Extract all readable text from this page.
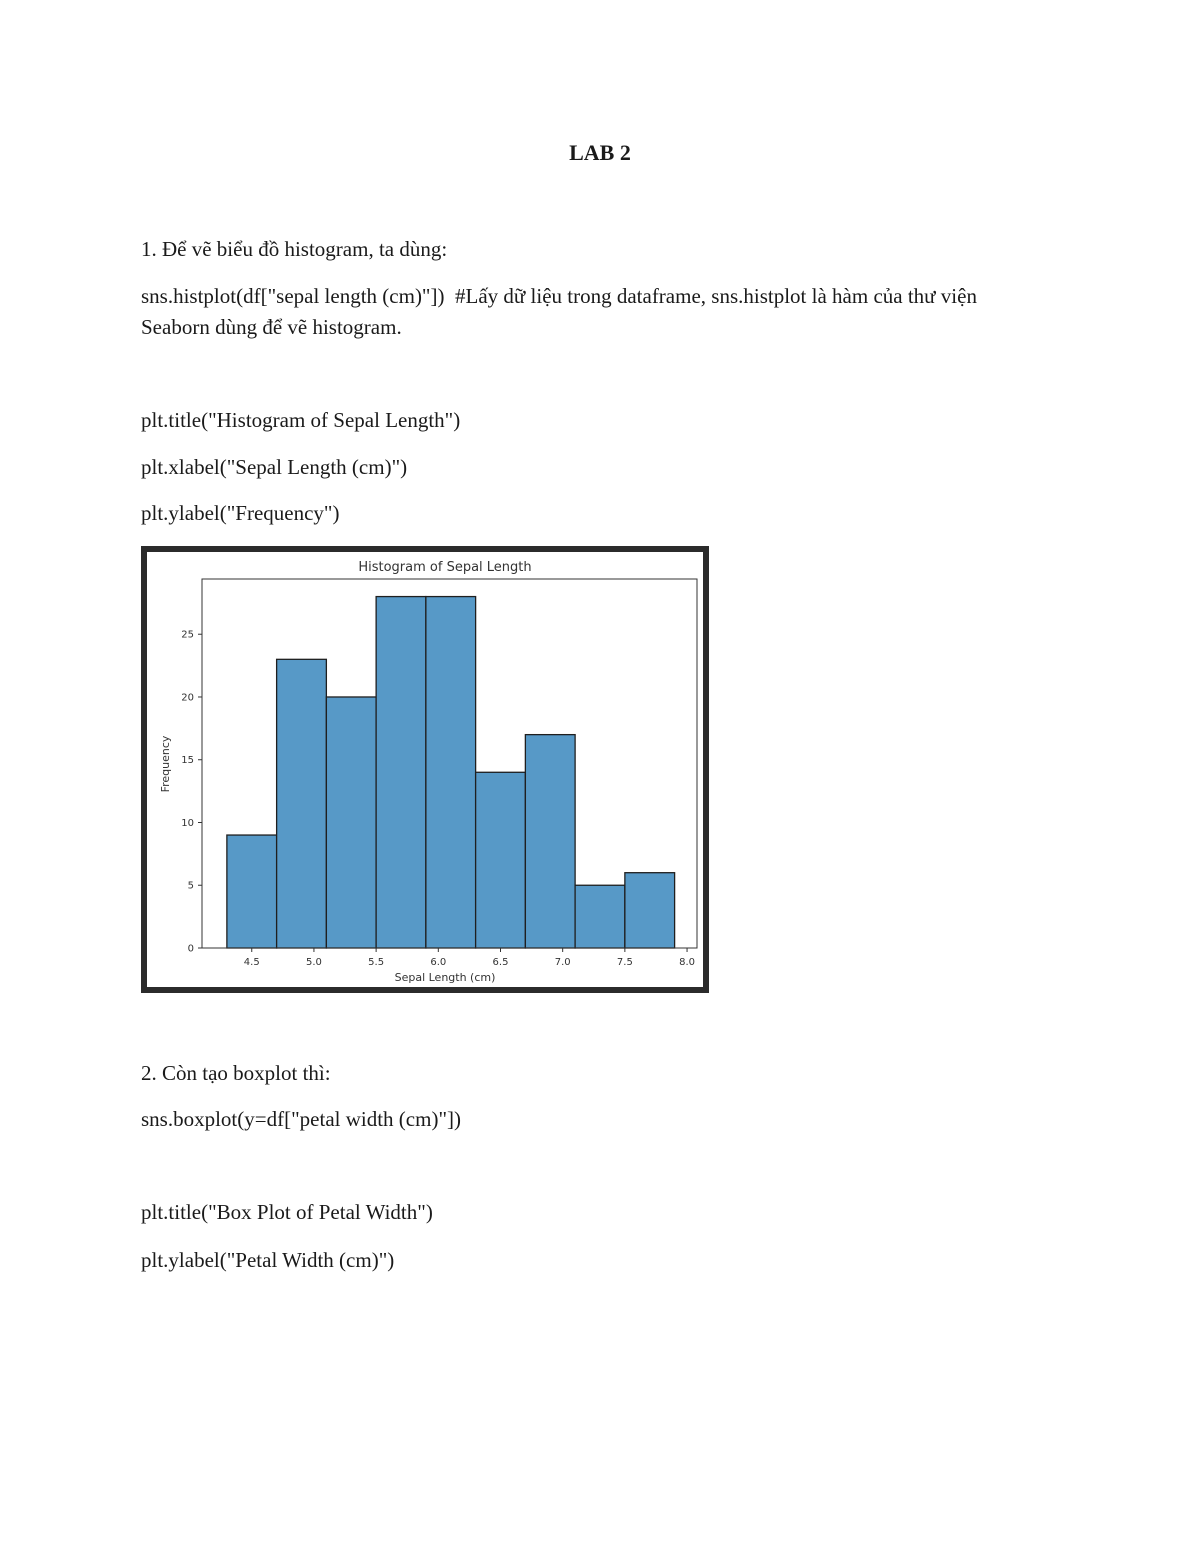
LAB 2
1. Để vẽ biểu đồ histogram, ta dùng:
sns.histplot(df["sepal length (cm)"])  #Lấy dữ liệu trong dataframe, sns.histplot là hàm của thư viện Seaborn dùng để vẽ histogram.
plt.title("Histogram of Sepal Length")
plt.xlabel("Sepal Length (cm)")
plt.ylabel("Frequency")
Histogram of Sepal Length
Sepal Length (cm)
Frequency
4.5	5.0	5.5	6.0	6.5	7.0	7.5	8.0
0
5
10
15
20
25
2. Còn tạo boxplot thì:
sns.boxplot(y=df["petal width (cm)"])
plt.title("Box Plot of Petal Width")
plt.ylabel("Petal Width (cm)")
